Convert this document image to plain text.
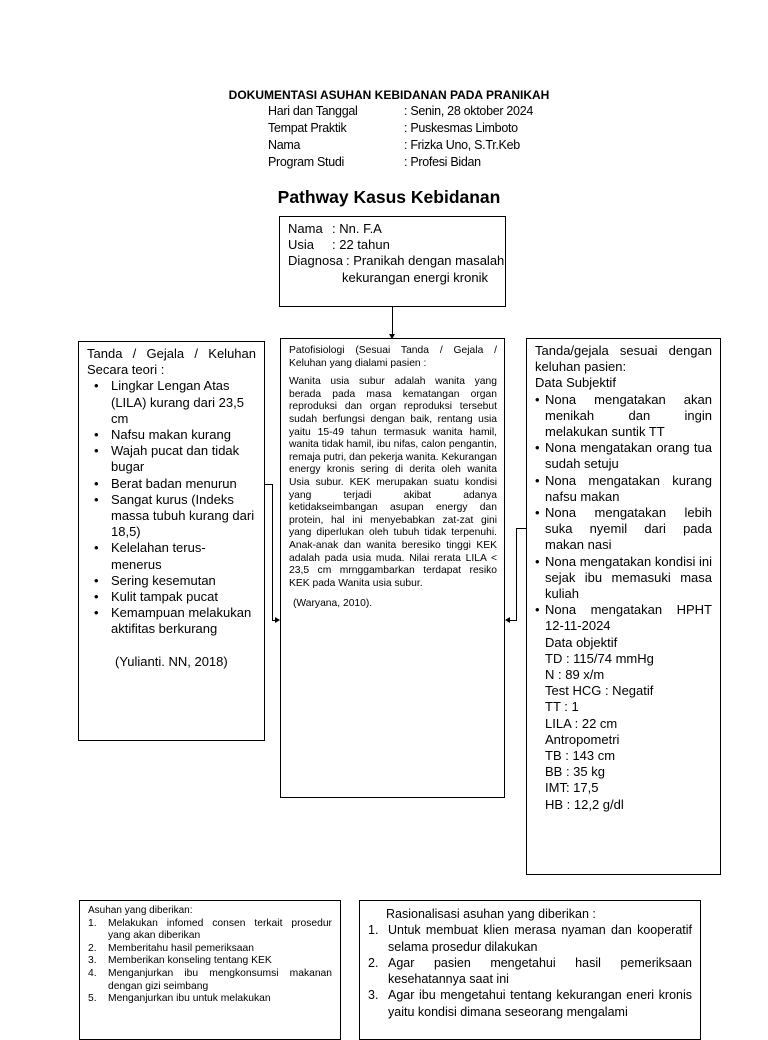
DOKUMENTASI ASUHAN KEBIDANAN PADA PRANIKAH
Hari dan Tanggal	: Senin, 28 oktober 2024
Tempat Praktik	: Puskesmas Limboto
Nama	: Frizka Uno, S.Tr.Keb
Program Studi	: Profesi Bidan
Pathway Kasus Kebidanan
Nama : Nn. F.A
Usia : 22 tahun
Diagnosa : Pranikah dengan masalah
kekurangan energi kronik
Tanda / Gejala / Keluhan Secara teori :
• Lingkar Lengan Atas (LILA) kurang dari 23,5 cm
• Nafsu makan kurang
• Wajah pucat dan tidak bugar
• Berat badan menurun
• Sangat kurus (Indeks massa tubuh kurang dari 18,5)
• Kelelahan terus-menerus
• Sering kesemutan
• Kulit tampak pucat
• Kemampuan melakukan aktifitas berkurang
(Yulianti. NN, 2018)
Patofisiologi (Sesuai Tanda / Gejala / Keluhan yang dialami pasien :
Wanita usia subur adalah wanita yang berada pada masa kematangan organ reproduksi dan organ reproduksi tersebut sudah berfungsi dengan baik, rentang usia yaitu 15-49 tahun termasuk wanita hamil, wanita tidak hamil, ibu nifas, calon pengantin, remaja putri, dan pekerja wanita. Kekurangan energy kronis sering di derita oleh wanita Usia subur. KEK merupakan suatu kondisi yang terjadi akibat adanya ketidakseimbangan asupan energy dan protein, hal ini menyebabkan zat-zat gini yang diperlukan oleh tubuh tidak terpenuhi. Anak-anak dan wanita beresiko tinggi KEK adalah pada usia muda. Nilai rerata LILA < 23,5 cm mrnggambarkan terdapat resiko KEK pada Wanita usia subur.
(Waryana, 2010).
Tanda/gejala sesuai dengan keluhan pasien:
Data Subjektif
• Nona mengatakan akan menikah dan ingin melakukan suntik TT
• Nona mengatakan orang tua sudah setuju
• Nona mengatakan kurang nafsu makan
• Nona mengatakan lebih suka nyemil dari pada makan nasi
• Nona mengatakan kondisi ini sejak ibu memasuki masa kuliah
• Nona mengatakan HPHT 12-11-2024
Data objektif
TD : 115/74 mmHg
N : 89 x/m
Test HCG : Negatif
TT : 1
LILA : 22 cm
Antropometri
TB : 143 cm
BB : 35 kg
IMT: 17,5
HB : 12,2 g/dl
Asuhan yang diberikan:
1. Melakukan infomed consen terkait prosedur yang akan diberikan
2. Memberitahu hasil pemeriksaan
3. Memberikan konseling tentang KEK
4. Menganjurkan ibu mengkonsumsi makanan dengan gizi seimbang
5. Menganjurkan ibu untuk melakukan
Rasionalisasi asuhan yang diberikan :
1. Untuk membuat klien merasa nyaman dan kooperatif selama prosedur dilakukan
2. Agar pasien mengetahui hasil pemeriksaan kesehatannya saat ini
3. Agar ibu mengetahui tentang kekurangan eneri kronis yaitu kondisi dimana seseorang mengalami
